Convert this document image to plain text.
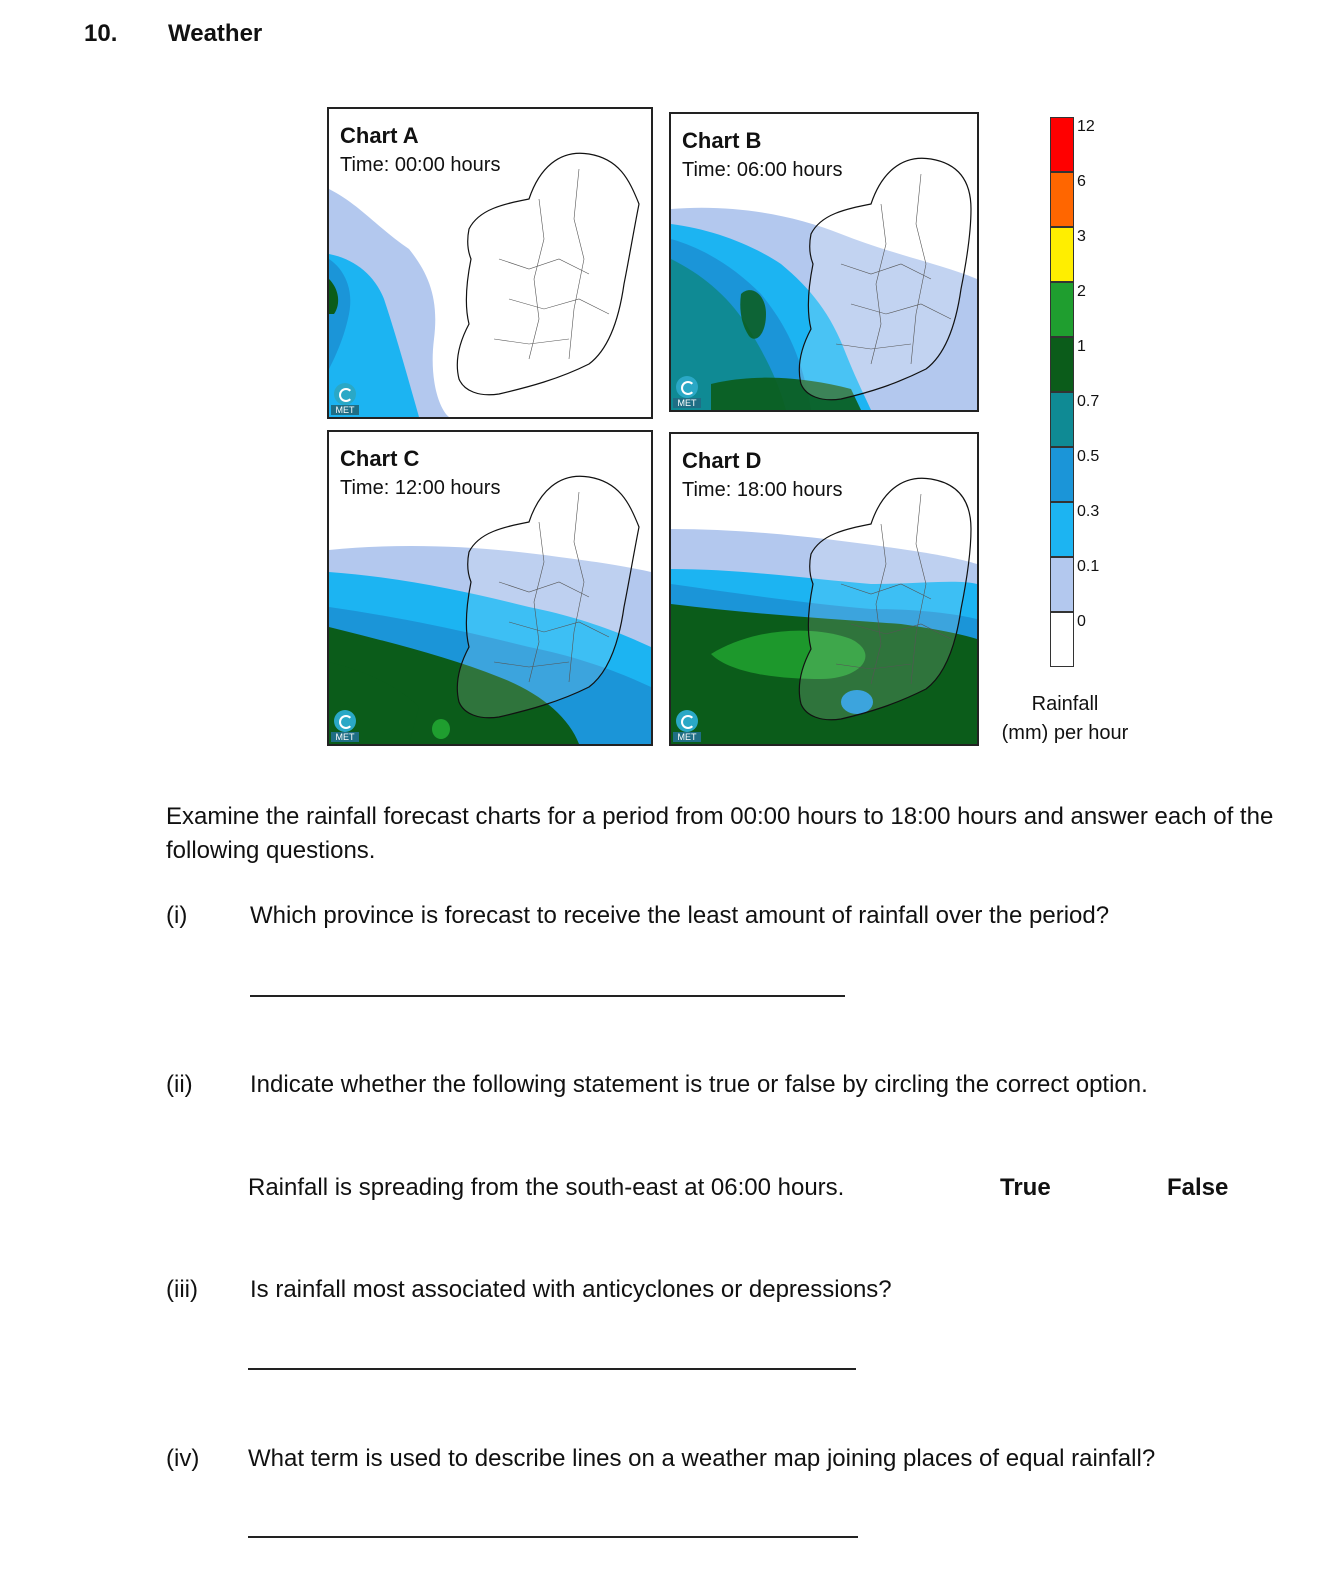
10. Weather
Chart A
Time: 00:00 hours
MET
Chart B
Time: 06:00 hours
MET
Chart C
Time: 12:00 hours
MET
Chart D
Time: 18:00 hours
MET
12
6
3
2
1
0.7
0.5
0.3
0.1
0
Rainfall
(mm) per hour
Examine the rainfall forecast charts for a period from 00:00 hours to 18:00 hours and answer each of the following questions.
(i)	Which province is forecast to receive the least amount of rainfall over the period?
(ii) Indicate whether the following statement is true or false by circling the correct option.
Rainfall is spreading from the south-east at 06:00 hours.	True	False
(iii) Is rainfall most associated with anticyclones or depressions?
(iv) What term is used to describe lines on a weather map joining places of equal rainfall?
